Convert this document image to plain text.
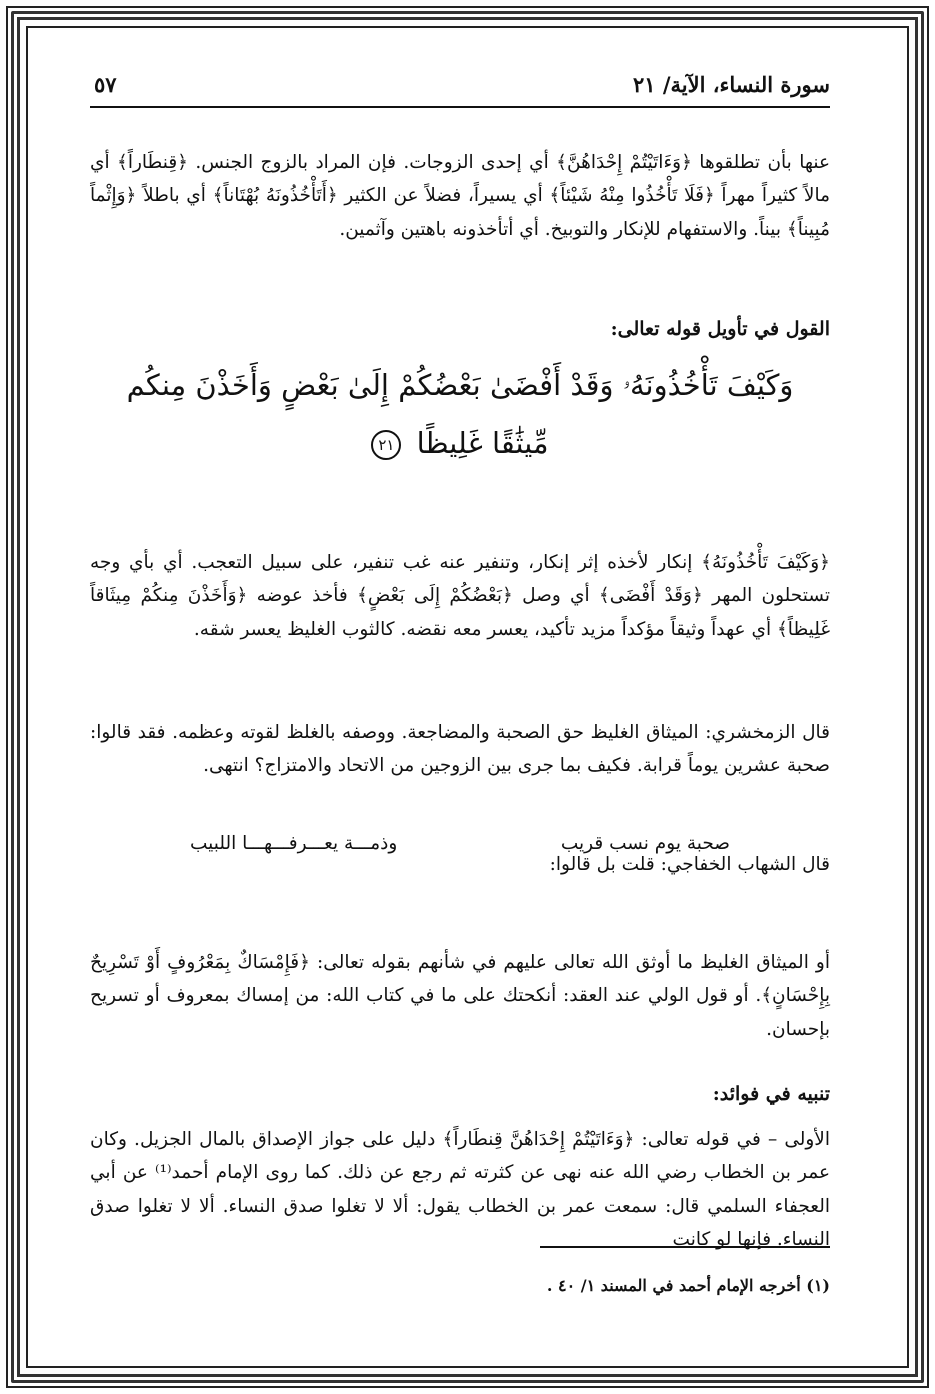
سورة النساء، الآية/ ٢١
٥٧

عنها بأن تطلقوها ﴿وَءَاتَيْتُمْ إِحْدَاهُنَّ﴾ أي إحدى الزوجات. فإن المراد بالزوج الجنس. ﴿قِنطَاراً﴾ أي مالاً كثيراً مهراً ﴿فَلَا تَأْخُذُوا مِنْهُ شَيْئاً﴾ أي يسيراً، فضلاً عن الكثير ﴿أَتَأْخُذُونَهُ بُهْتَاناً﴾ أي باطلاً ﴿وَإِثْماً مُبِيناً﴾ بيناً. والاستفهام للإنكار والتوبيخ. أي أتأخذونه باهتين وآثمين.

القول في تأويل قوله تعالى:
وَكَيْفَ تَأْخُذُونَهُۥ وَقَدْ أَفْضَىٰ بَعْضُكُمْ إِلَىٰ بَعْضٍ وَأَخَذْنَ مِنكُم
مِّيثَٰقًا غَلِيظًا ٢١

﴿وَكَيْفَ تَأْخُذُونَهُ﴾ إنكار لأخذه إثر إنكار، وتنفير عنه غب تنفير، على سبيل التعجب. أي بأي وجه تستحلون المهر ﴿وَقَدْ أَفْضَى﴾ أي وصل ﴿بَعْضُكُمْ إِلَى بَعْضٍ﴾ فأخذ عوضه ﴿وَأَخَذْنَ مِنكُمْ مِيثَاقاً غَلِيظاً﴾ أي عهداً وثيقاً مؤكداً مزيد تأكيد، يعسر معه نقضه. كالثوب الغليظ يعسر شقه.

قال الزمخشري: الميثاق الغليظ حق الصحبة والمضاجعة. ووصفه بالغلظ لقوته وعظمه. فقد قالوا: صحبة عشرين يوماً قرابة. فكيف بما جرى بين الزوجين من الاتحاد والامتزاج؟ انتهى.

قال الشهاب الخفاجي: قلت بل قالوا:

صحبة يوم نسب قريب
وذمـــة يعـــرفـــهـــا اللبيب

أو الميثاق الغليظ ما أوثق الله تعالى عليهم في شأنهم بقوله تعالى: ﴿فَإِمْسَاكٌ بِمَعْرُوفٍ أَوْ تَسْرِيحٌ بِإِحْسَانٍ﴾. أو قول الولي عند العقد: أنكحتك على ما في كتاب الله: من إمساك بمعروف أو تسريح بإحسان.

تنبيه في فوائد:

الأولى – في قوله تعالى: ﴿وَءَاتَيْتُمْ إِحْدَاهُنَّ قِنطَاراً﴾ دليل على جواز الإصداق بالمال الجزيل. وكان عمر بن الخطاب رضي الله عنه نهى عن كثرته ثم رجع عن ذلك. كما روى الإمام أحمد⁽¹⁾ عن أبي العجفاء السلمي قال: سمعت عمر بن الخطاب يقول: ألا لا تغلوا صدق النساء. ألا لا تغلوا صدق النساء. فإنها لو كانت

(١) أخرجه الإمام أحمد في المسند ١/ ٤٠ .
